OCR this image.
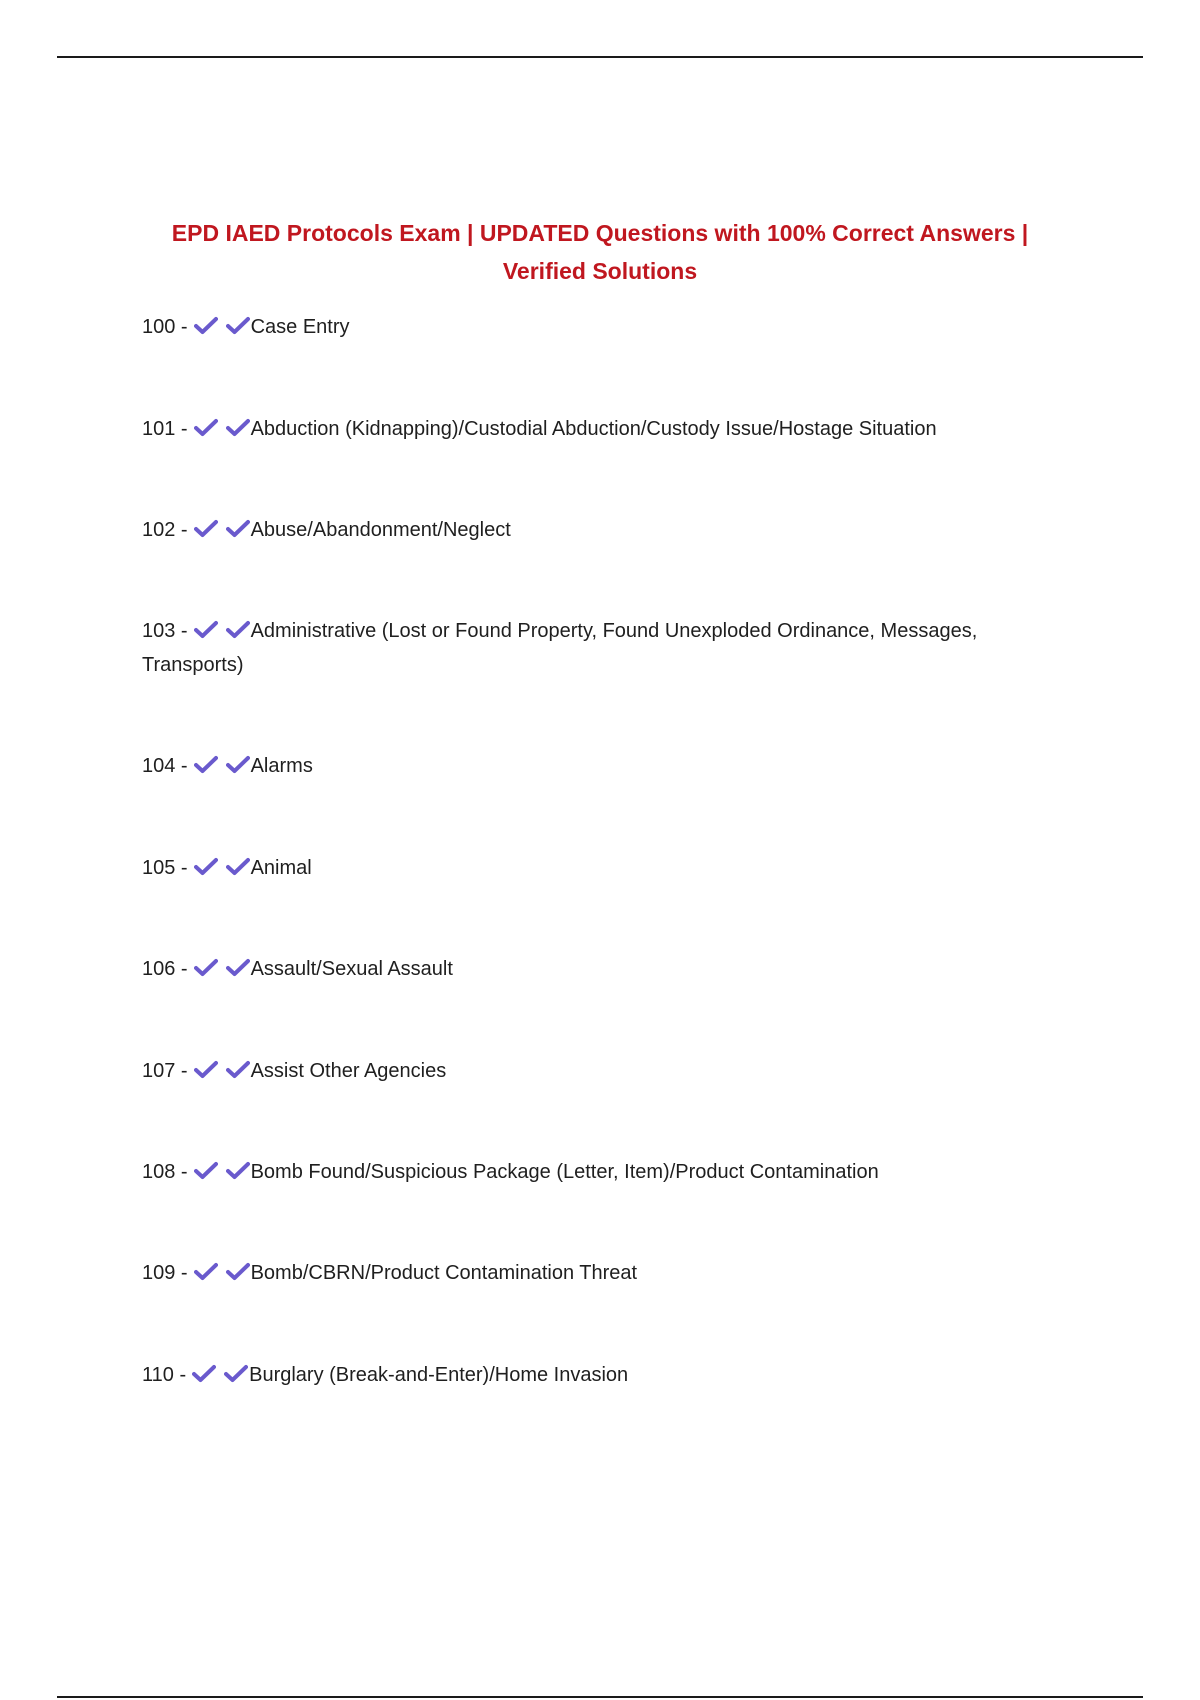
EPD IAED Protocols Exam | UPDATED Questions with 100% Correct Answers | Verified Solutions
100 -	Case Entry
101 -	Abduction (Kidnapping)/Custodial Abduction/Custody Issue/Hostage Situation
102 -	Abuse/Abandonment/Neglect
103 -	Administrative (Lost or Found Property, Found Unexploded Ordinance, Messages, Transports)
104 -	Alarms
105 -	Animal
106 -	Assault/Sexual Assault
107 -	Assist Other Agencies
108 -	Bomb Found/Suspicious Package (Letter, Item)/Product Contamination
109 -	Bomb/CBRN/Product Contamination Threat
110 -	Burglary (Break-and-Enter)/Home Invasion
